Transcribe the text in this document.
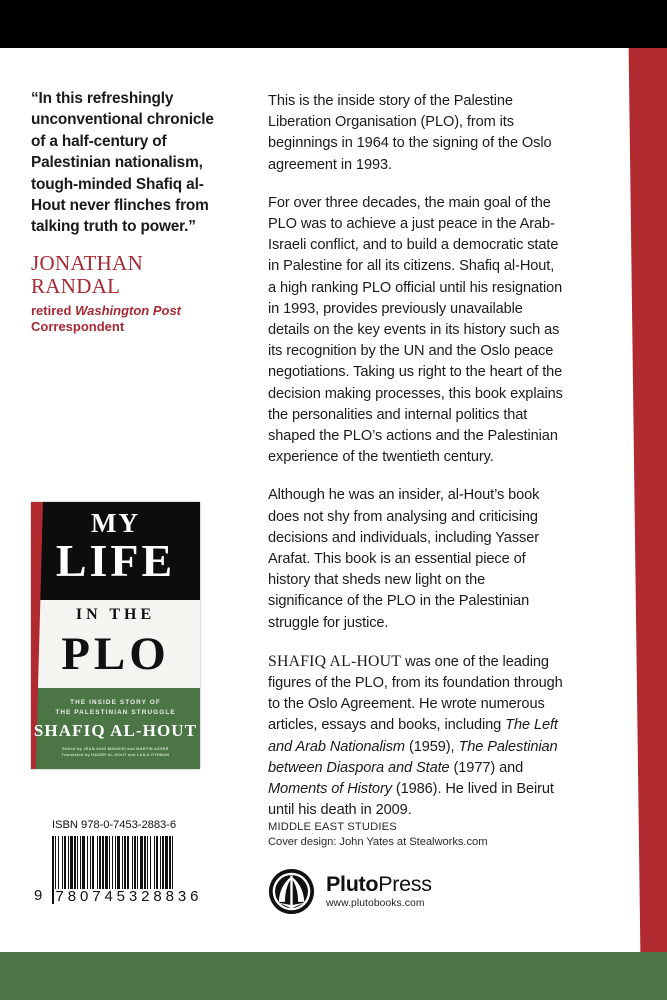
“In this refreshingly unconventional chronicle of a half-century of Palestinian nationalism, tough-minded Shafiq al-Hout never flinches from talking truth to power.”
JONATHAN RANDAL
retired Washington Post Correspondent
MY
LIFE
IN THE
PLO
THE INSIDE STORY OF
THE PALESTINIAN STRUGGLE
SHAFIQ AL-HOUT
Edited by JEAN SAID MAKDISI and MARTIN ASSER
Translated by HADER AL-HOUT and LAILA OTHMAN
ISBN 978-0-7453-2883-6
9 7 8 0 7 4 5 3 2 8 8 3 6

This is the inside story of the Palestine Liberation Organisation (PLO), from its beginnings in 1964 to the signing of the Oslo agreement in 1993.

For over three decades, the main goal of the PLO was to achieve a just peace in the Arab-Israeli conflict, and to build a democratic state in Palestine for all its citizens. Shafiq al-Hout, a high ranking PLO official until his resignation in 1993, provides previously unavailable details on the key events in its history such as its recognition by the UN and the Oslo peace negotiations. Taking us right to the heart of the decision making processes, this book explains the personalities and internal politics that shaped the PLO’s actions and the Palestinian experience of the twentieth century.

Although he was an insider, al-Hout’s book does not shy from analysing and criticising decisions and individuals, including Yasser Arafat. This book is an essential piece of history that sheds new light on the significance of the PLO in the Palestinian struggle for justice.

SHAFIQ AL-HOUT was one of the leading figures of the PLO, from its foundation through to the Oslo Agreement. He wrote numerous articles, essays and books, including The Left and Arab Nationalism (1959), The Palestinian between Diaspora and State (1977) and Moments of History (1986). He lived in Beirut until his death in 2009.

MIDDLE EAST STUDIES
Cover design: John Yates at Stealworks.com
PlutoPress
www.plutobooks.com
